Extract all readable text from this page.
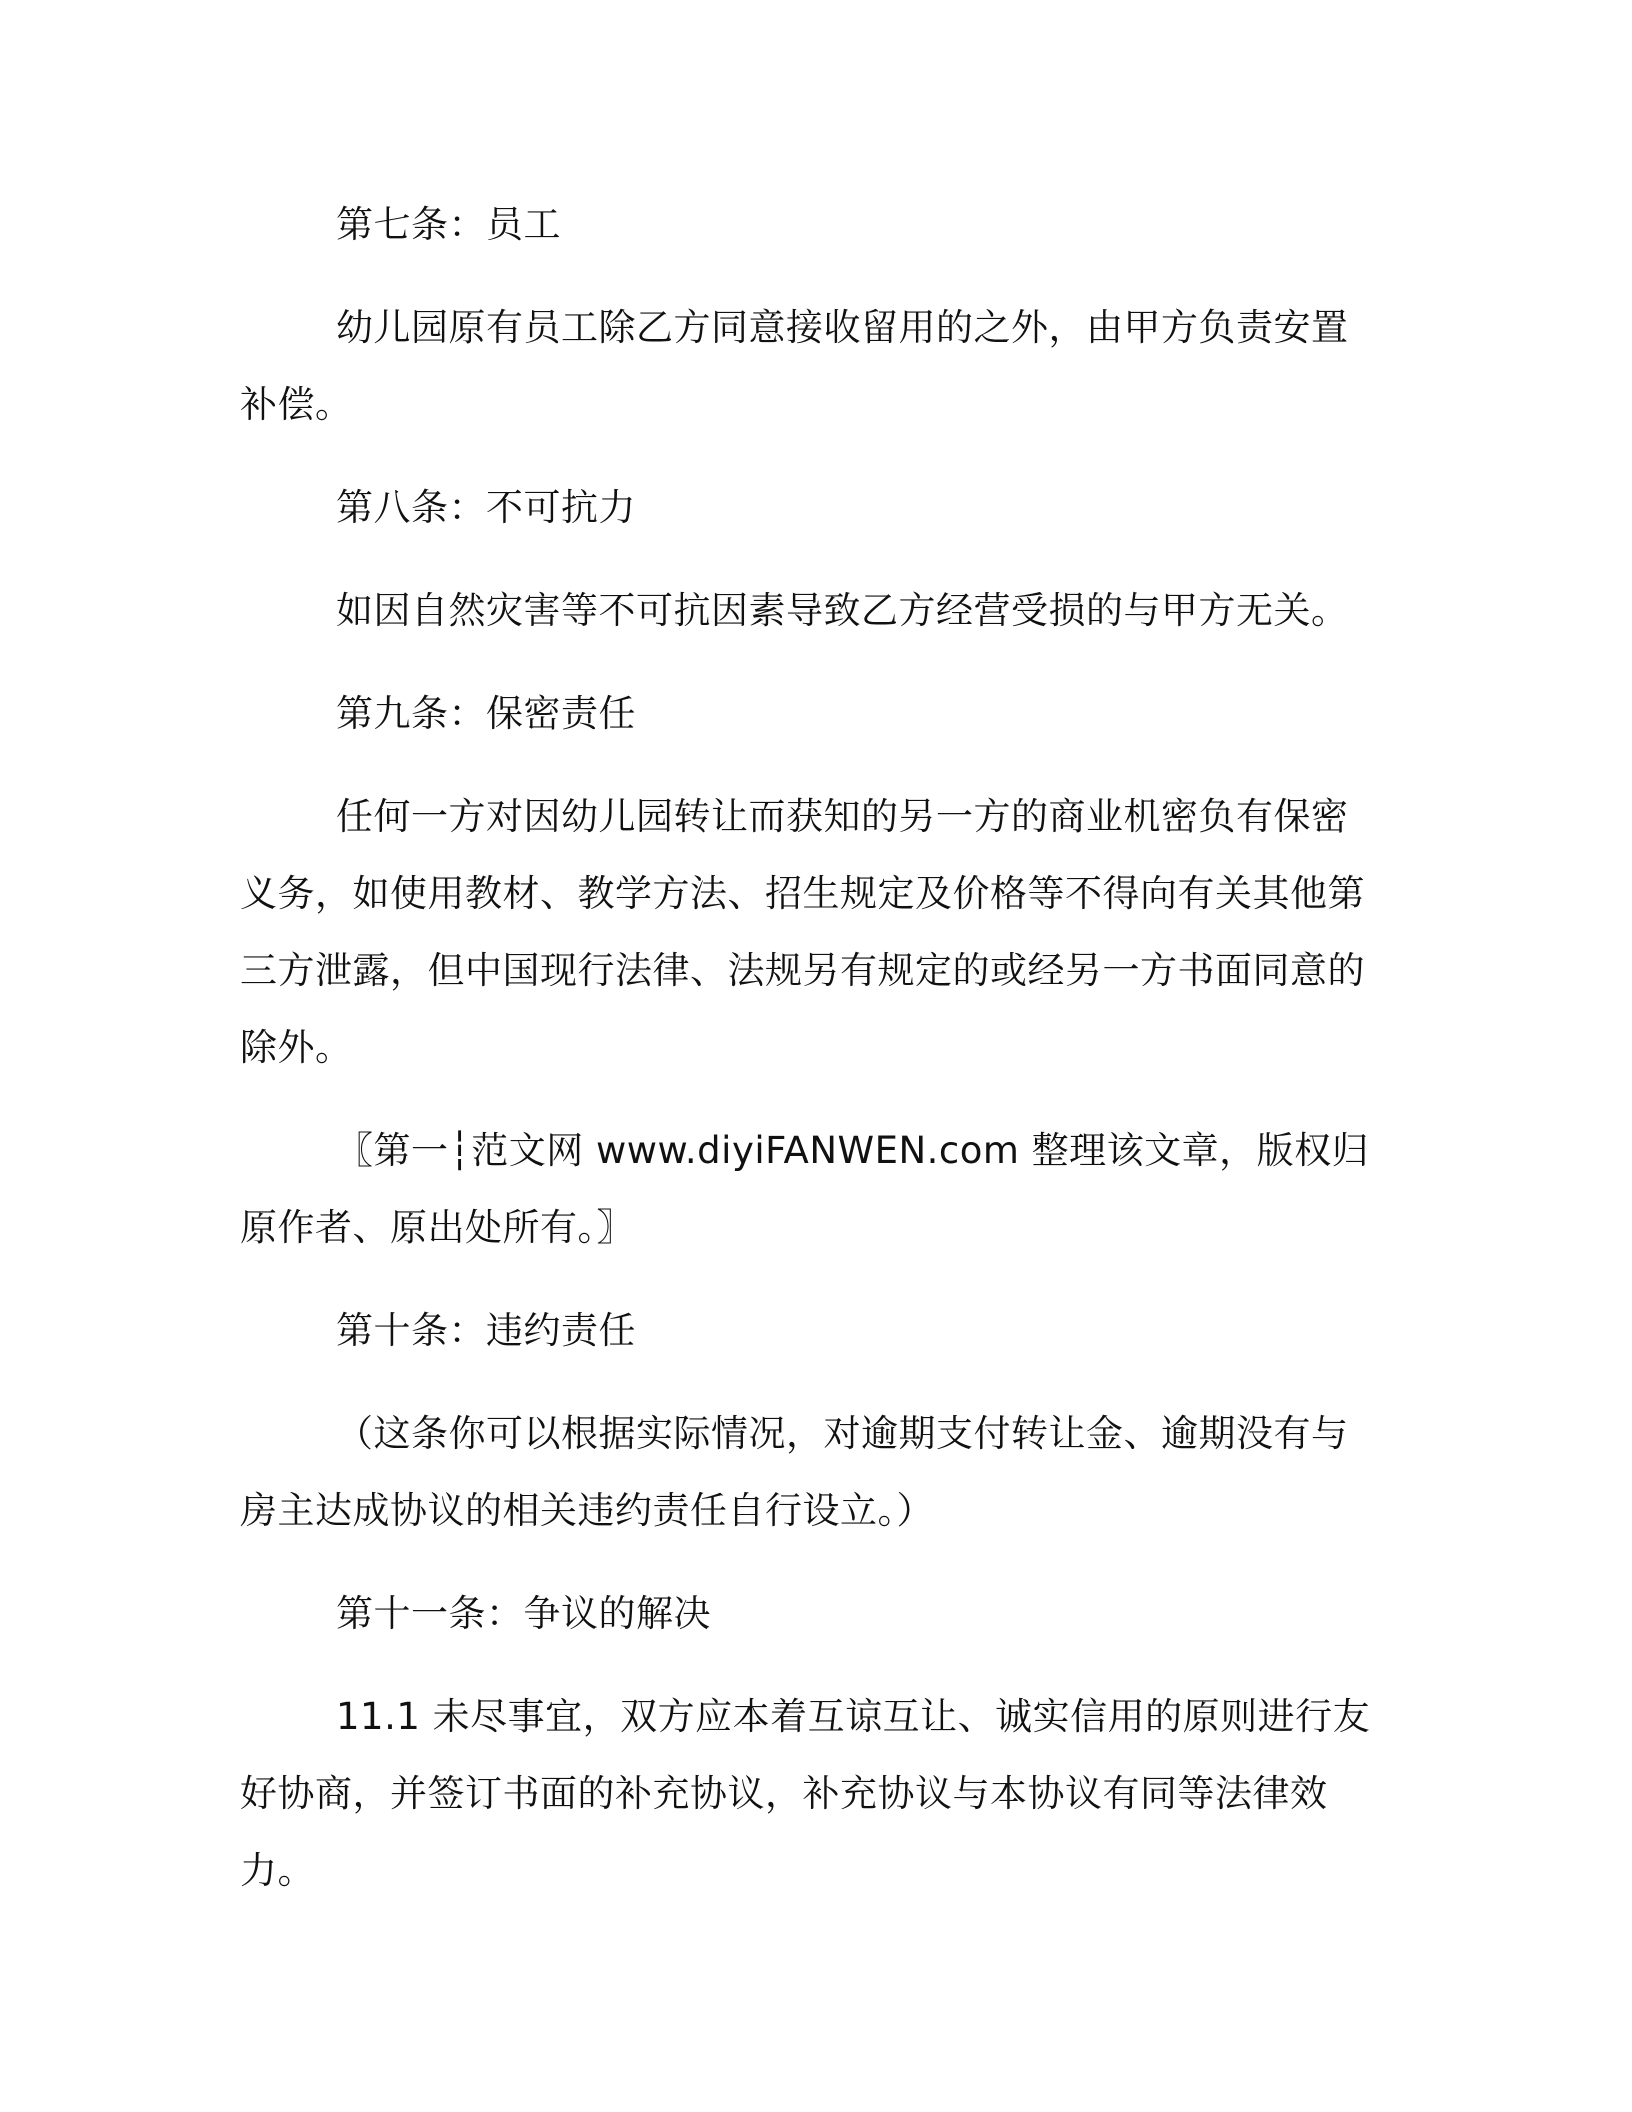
第七条：员工

幼儿园原有员工除乙方同意接收留用的之外，由甲方负责安置补偿。

第八条：不可抗力

如因自然灾害等不可抗因素导致乙方经营受损的与甲方无关。

第九条：保密责任

任何一方对因幼儿园转让而获知的另一方的商业机密负有保密义务，如使用教材、教学方法、招生规定及价格等不得向有关其他第三方泄露，但中国现行法律、法规另有规定的或经另一方书面同意的除外。

〖第一┆范文网 www.diyiFANWEN.com 整理该文章，版权归原作者、原出处所有。〗

第十条：违约责任

（这条你可以根据实际情况，对逾期支付转让金、逾期没有与房主达成协议的相关违约责任自行设立。）

第十一条：争议的解决

11.1 未尽事宜，双方应本着互谅互让、诚实信用的原则进行友好协商，并签订书面的补充协议，补充协议与本协议有同等法律效力。
